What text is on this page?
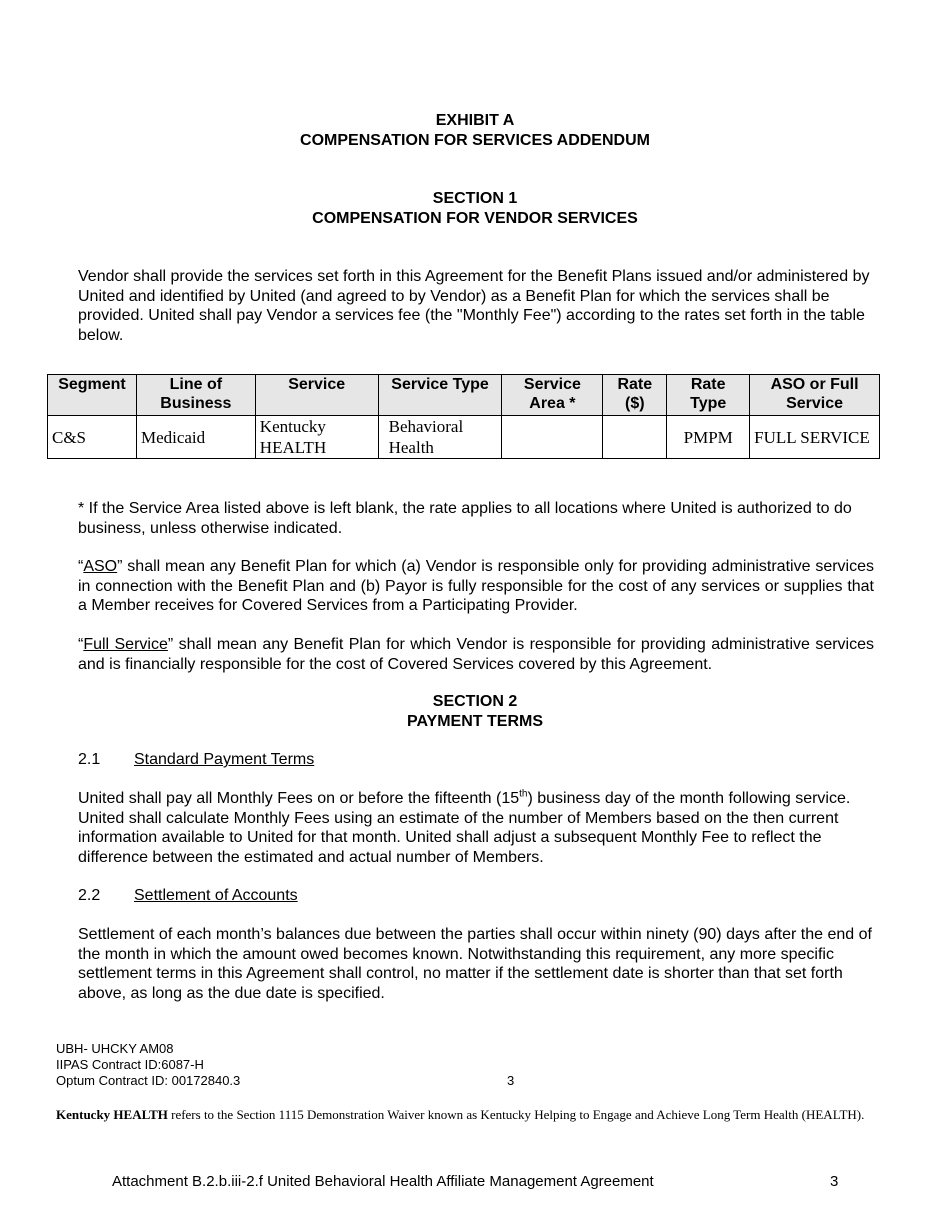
EXHIBIT A
COMPENSATION FOR SERVICES ADDENDUM
SECTION 1
COMPENSATION FOR VENDOR SERVICES
Vendor shall provide the services set forth in this Agreement for the Benefit Plans issued and/or administered by United and identified by United (and agreed to by Vendor) as a Benefit Plan for which the services shall be provided. United shall pay Vendor a services fee (the "Monthly Fee") according to the rates set forth in the table below.
Segment	Line of Business	Service	Service Type	Service Area *	Rate ($)	Rate Type	ASO or Full Service
C&S	Medicaid	Kentucky HEALTH	Behavioral Health			PMPM	FULL SERVICE
* If the Service Area listed above is left blank, the rate applies to all locations where United is authorized to do business, unless otherwise indicated.
“ASO” shall mean any Benefit Plan for which (a) Vendor is responsible only for providing administrative services in connection with the Benefit Plan and (b) Payor is fully responsible for the cost of any services or supplies that a Member receives for Covered Services from a Participating Provider.
“Full Service” shall mean any Benefit Plan for which Vendor is responsible for providing administrative services and is financially responsible for the cost of Covered Services covered by this Agreement.
SECTION 2
PAYMENT TERMS
2.1 Standard Payment Terms
United shall pay all Monthly Fees on or before the fifteenth (15th) business day of the month following service. United shall calculate Monthly Fees using an estimate of the number of Members based on the then current information available to United for that month. United shall adjust a subsequent Monthly Fee to reflect the difference between the estimated and actual number of Members.
2.2 Settlement of Accounts
Settlement of each month’s balances due between the parties shall occur within ninety (90) days after the end of the month in which the amount owed becomes known. Notwithstanding this requirement, any more specific settlement terms in this Agreement shall control, no matter if the settlement date is shorter than that set forth above, as long as the due date is specified.
UBH- UHCKY AM08
IIPAS Contract ID:6087-H
Optum Contract ID: 00172840.3	3
Kentucky HEALTH refers to the Section 1115 Demonstration Waiver known as Kentucky Helping to Engage and Achieve Long Term Health (HEALTH).
Attachment B.2.b.iii-2.f United Behavioral Health Affiliate Management Agreement	3
